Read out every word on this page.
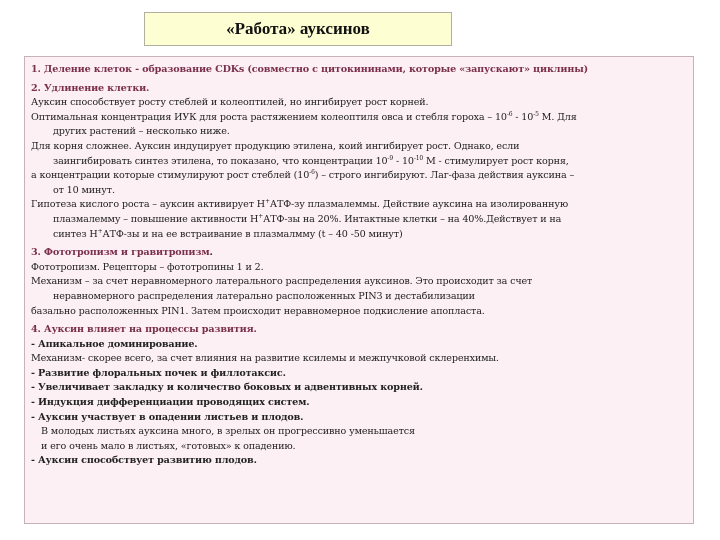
«Работа» ауксинов

1. Деление клеток - образование CDKs (совместно с цитокининами, которые «запускают» циклины)

2. Удлинение клетки.

Ауксин способствует росту стеблей и колеоптилей, но ингибирует рост корней.

Оптимальная концентрация ИУК для роста растяжением колеоптиля овса и стебля гороха – $10^{-6} - 10^{-5}$ М. Для

других растений – несколько ниже.

Для корня сложнее. Ауксин индуцирует продукцию этилена, коий ингибирует рост. Однако, если

заингибировать синтез этилена, то показано, что концентрации $10^{-9} - 10^{-10}$ М - стимулирует рост корня,

а концентрации которые стимулируют рост стеблей $(10^{-6})$ – строго ингибируют. Лаг-фаза действия ауксина –

от 10 минут.

Гипотеза кислого роста – ауксин активирует Н+АТФ-зу плазмалеммы. Действие ауксина на изолированную

плазмалемму – повышение активности Н+АТФ-зы на 20%. Интактные клетки – на 40%.Действует и на

синтез Н+АТФ-зы и на ее встраивание в плазмалмму (t – 40 -50 минут)

3. Фототропизм и гравитропизм.

Фототропизм. Рецепторы – фототропины 1 и 2.

Механизм – за счет неравномерного латерального распределения ауксинов. Это происходит за счет

неравномерного распределения латерально расположенных PIN3 и дестабилизации

базально расположенных PIN1. Затем происходит неравномерное подкисление апопласта.

4. Ауксин влияет на процессы развития.

- Апикальное доминирование.

Механизм- скорее всего, за счет влияния на развитие ксилемы и межпучковой склеренхимы.

- Развитие флоральных почек и филлотаксис.

- Увеличивает закладку и количество боковых и адвентивных корней.

- Индукция дифференциации проводящих систем.

- Ауксин участвует в опадении листьев и плодов.

В молодых листьях ауксина много, в зрелых он прогрессивно уменьшается

и его очень мало в листьях, «готовых» к опадению.

- Ауксин способствует развитию плодов.
